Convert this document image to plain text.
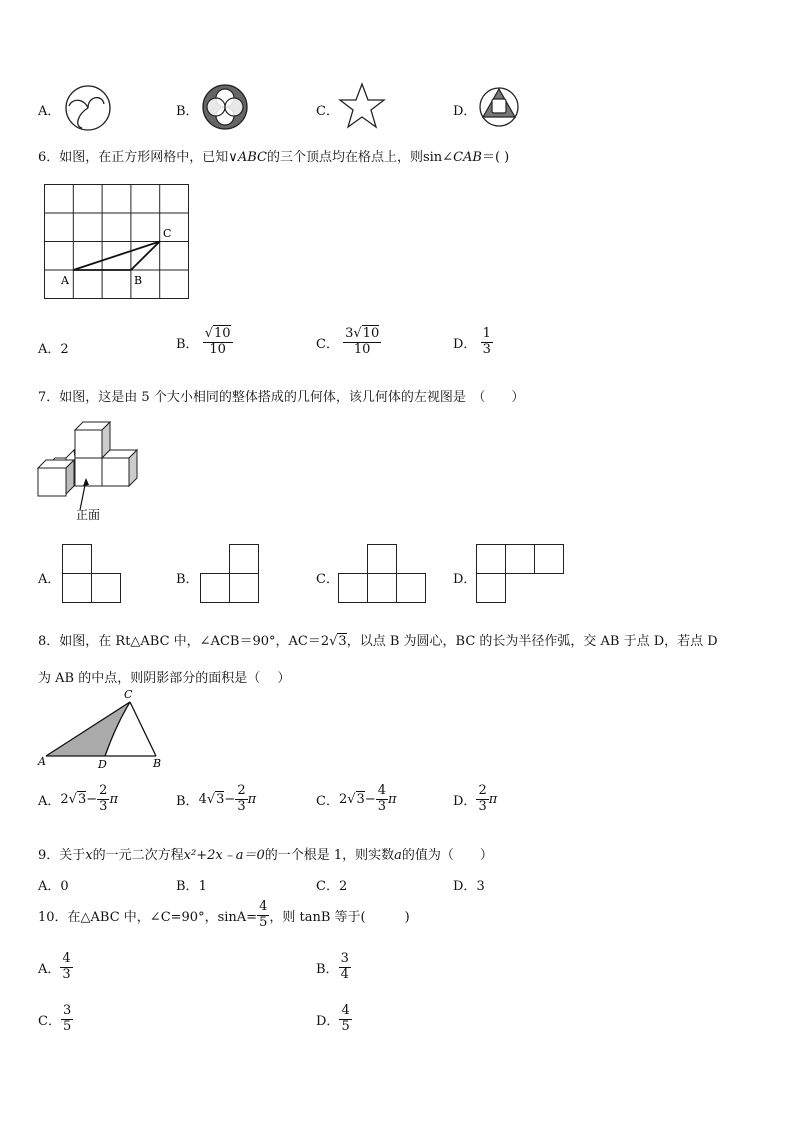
A．	B．	C．	D．
6．如图，在正方形网格中，已知∨ABC的三个顶点均在格点上，则sin∠CAB＝( )
A	B
C
A．2	B． $\frac{√10}{10}$	C． $\frac{3√10}{10}$	D． $\frac{1}{3}$
7．如图，这是由 5 个大小相同的整体搭成的几何体，该几何体的左视图是　（　　）
正面
A．	B．	C．	D．
8．如图，在 Rt△ABC 中，∠ACB＝90°，AC＝2√3，以点 B 为圆心，BC 的长为半径作弧，交 AB 于点 D，若点 D
为 AB 的中点，则阴影部分的面积是（　 ）
A	D	B
C
A．$2√3- \frac{2}{3}$ π	B．$4√3- \frac{2}{3}$ π	C．$2√3- \frac{4}{3}$ π	D． $\frac{2}{3}$ π
9．关于x的一元二次方程x²+2x﹣a＝0的一个根是 1，则实数a的值为（　　）
A．0	B．1	C．2	D．3
10．在△ABC 中，∠C=90°，$\sin A= \frac{4}{5}$ ，则 tanB 等于(　　　)
A． $\frac{4}{3}$	B． $\frac{3}{4}$
C． $\frac{3}{5}$	D． $\frac{4}{5}$
